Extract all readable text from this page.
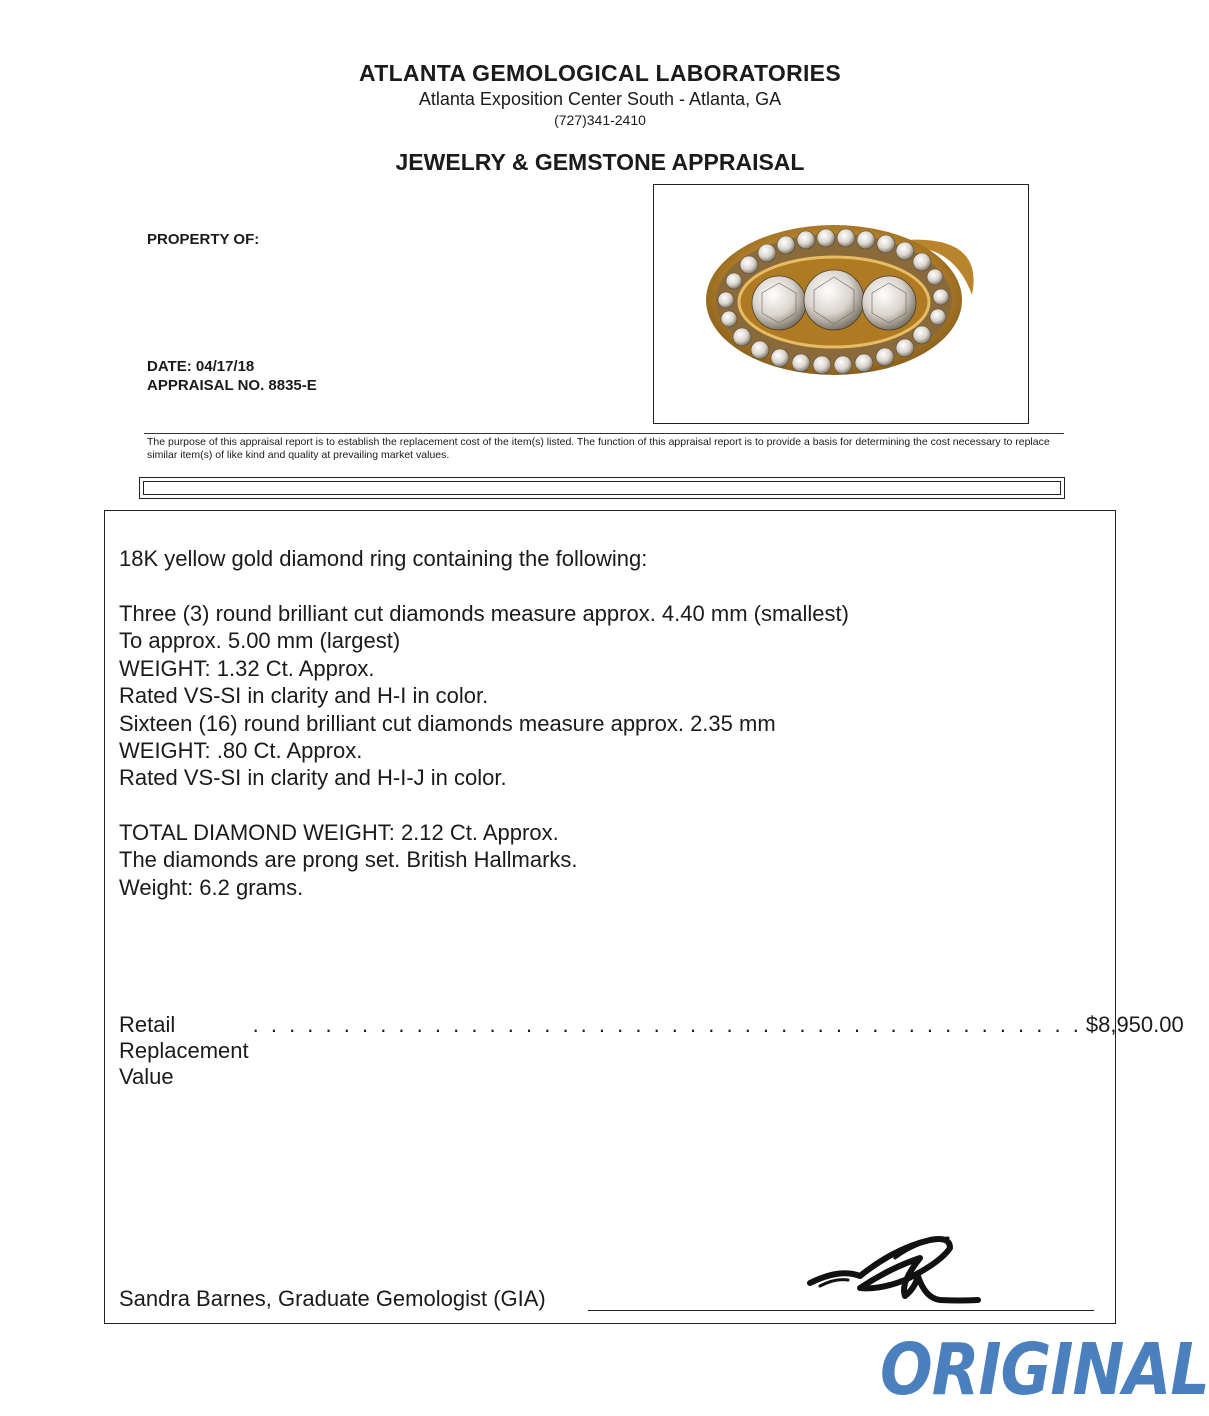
ATLANTA GEMOLOGICAL LABORATORIES
Atlanta Exposition Center South - Atlanta, GA
(727)341-2410
JEWELRY & GEMSTONE APPRAISAL
PROPERTY OF:
DATE: 04/17/18
APPRAISAL NO. 8835-E
The purpose of this appraisal report is to establish the replacement cost of the item(s) listed. The function of this appraisal report is to provide a basis for determining the cost necessary to replace similar item(s) of like kind and quality at prevailing market values.
18K yellow gold diamond ring containing the following:
Three (3) round brilliant cut diamonds measure approx. 4.40 mm (smallest)
To approx. 5.00 mm (largest)
WEIGHT: 1.32 Ct. Approx.
Rated VS-SI in clarity and H-I in color.
Sixteen (16) round brilliant cut diamonds measure approx. 2.35 mm
WEIGHT: .80 Ct. Approx.
Rated VS-SI in clarity and H-I-J in color.
TOTAL DIAMOND WEIGHT: 2.12 Ct. Approx.
The diamonds are prong set. British Hallmarks.
Weight: 6.2 grams.
Retail Replacement Value
. . . . . . . . . . . . . . . . . . . . . . . . . . . . . . . . . . . . . . . . . . . . . . $8,950.00
Sandra Barnes, Graduate Gemologist (GIA)
ORIGINAL
